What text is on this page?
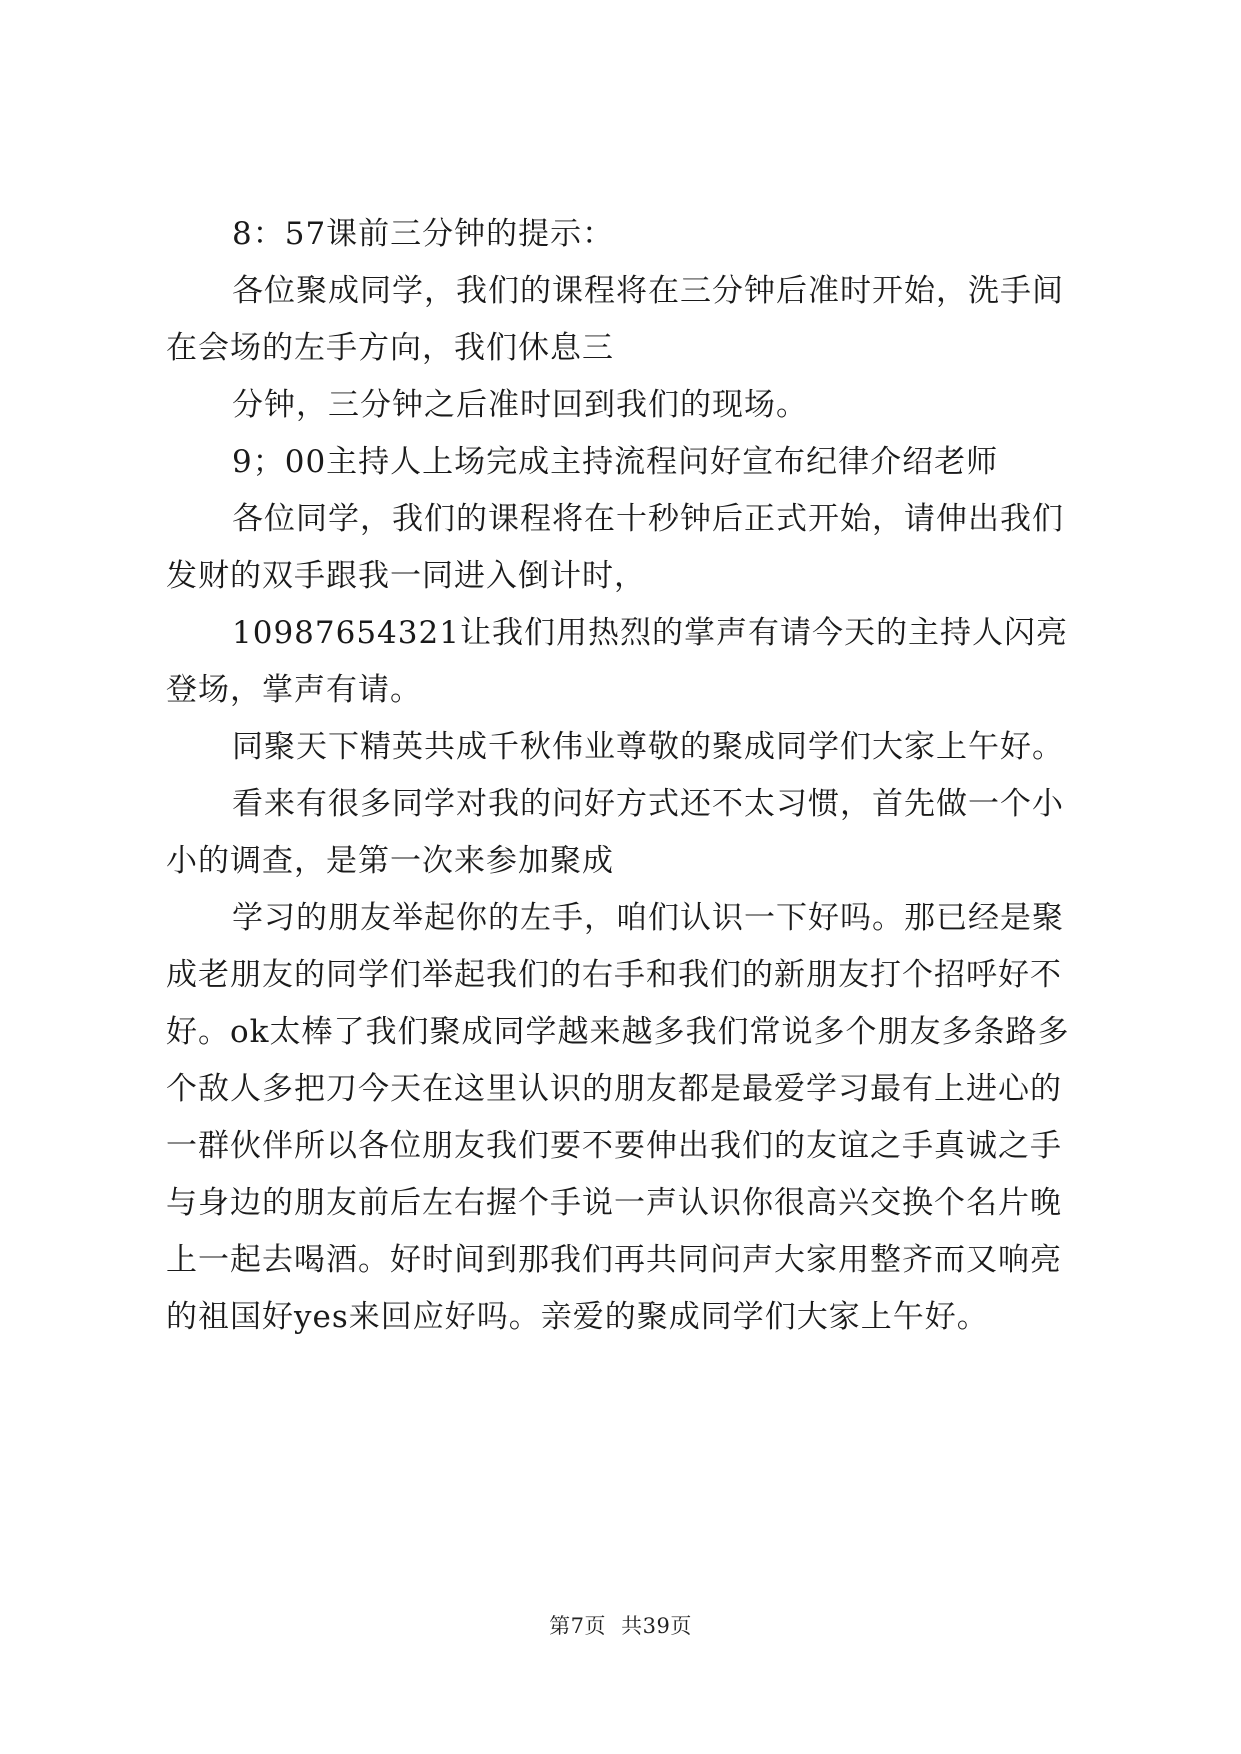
8：57课前三分钟的提示：

各位聚成同学，我们的课程将在三分钟后准时开始，洗手间在会场的左手方向，我们休息三

分钟，三分钟之后准时回到我们的现场。

9；00主持人上场完成主持流程问好宣布纪律介绍老师

各位同学，我们的课程将在十秒钟后正式开始，请伸出我们发财的双手跟我一同进入倒计时，

10987654321让我们用热烈的掌声有请今天的主持人闪亮登场，掌声有请。

同聚天下精英共成千秋伟业尊敬的聚成同学们大家上午好。

看来有很多同学对我的问好方式还不太习惯，首先做一个小小的调查，是第一次来参加聚成

学习的朋友举起你的左手，咱们认识一下好吗。那已经是聚成老朋友的同学们举起我们的右手和我们的新朋友打个招呼好不好。ok太棒了我们聚成同学越来越多我们常说多个朋友多条路多个敌人多把刀今天在这里认识的朋友都是最爱学习最有上进心的一群伙伴所以各位朋友我们要不要伸出我们的友谊之手真诚之手与身边的朋友前后左右握个手说一声认识你很高兴交换个名片晚上一起去喝酒。好时间到那我们再共同问声大家用整齐而又响亮的祖国好yes来回应好吗。亲爱的聚成同学们大家上午好。

第7页 共39页
